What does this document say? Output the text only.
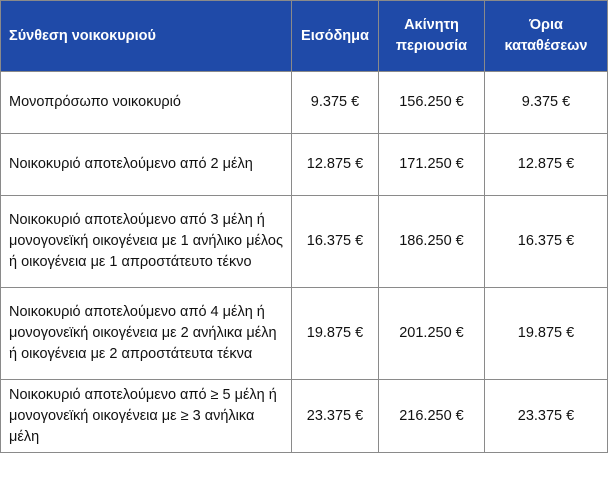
Σύνθεση νοικοκυριού	Εισόδημα	Ακίνητη περιουσία	Όρια καταθέσεων
Μονοπρόσωπο νοικοκυριό	9.375 €	156.250 €	9.375 €
Νοικοκυριό αποτελούμενο από 2 μέλη	12.875 €	171.250 €	12.875 €
Νοικοκυριό αποτελούμενο από 3 μέλη ή μονογονεϊκή οικογένεια με 1 ανήλικο μέλος ή οικογένεια με 1 απροστάτευτο τέκνο	16.375 €	186.250 €	16.375 €
Νοικοκυριό αποτελούμενο από 4 μέλη ή μονογονεϊκή οικογένεια με 2 ανήλικα μέλη ή οικογένεια με 2 απροστάτευτα τέκνα	19.875 €	201.250 €	19.875 €
Νοικοκυριό αποτελούμενο από ≥ 5 μέλη ή μονογονεϊκή οικογένεια με ≥ 3 ανήλικα μέλη	23.375 €	216.250 €	23.375 €
